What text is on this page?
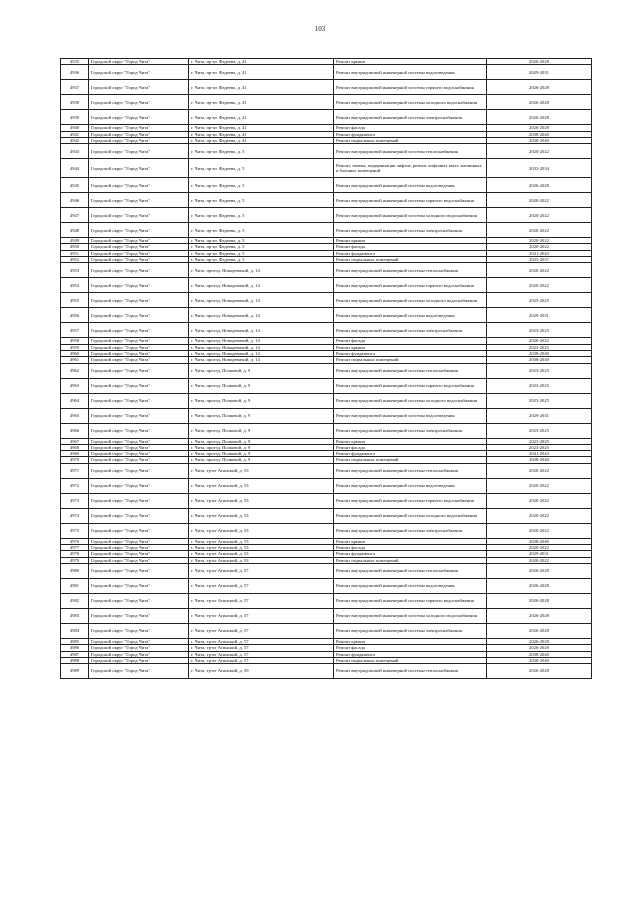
103
4935	Городской округ "Город Чита"	г. Чита, пр-кт. Фадеева, д. 41	Ремонт крыши	2026-2028
4936	Городской округ "Город Чита"	г. Чита, пр-кт. Фадеева, д. 41	Ремонт внутридомовой инженерной системы водоотведения	2029-2031
4937	Городской округ "Город Чита"	г. Чита, пр-кт. Фадеева, д. 41	Ремонт внутридомовой инженерной системы горячего водоснабжения	2026-2028
4938	Городской округ "Город Чита"	г. Чита, пр-кт. Фадеева, д. 41	Ремонт внутридомовой инженерной системы холодного водоснабжения	2026-2028
4939	Городской округ "Город Чита"	г. Чита, пр-кт. Фадеева, д. 41	Ремонт внутридомовой инженерной системы электроснабжения	2026-2028
4940	Городской округ "Город Чита"	г. Чита, пр-кт. Фадеева, д. 41	Ремонт фасада	2026-2028
4941	Городской округ "Город Чита"	г. Чита, пр-кт. Фадеева, д. 41	Ремонт фундамента	2038-2040
4942	Городской округ "Город Чита"	г. Чита, пр-кт. Фадеева, д. 41	Ремонт подвальных помещений	2038-2040
4943	Городской округ "Город Чита"	г. Чита, пр-кт. Фадеева, д. 5	Ремонт внутридомовой инженерной системы теплоснабжения	2020-2022
4944	Городской округ "Город Чита"	г. Чита, пр-кт. Фадеева, д. 5	Ремонт, замена, модернизация лифтов, ремонт лифтовых шахт, машинных и блочных помещений	2032-2034
4945	Городской округ "Город Чита"	г. Чита, пр-кт. Фадеева, д. 5	Ремонт внутридомовой инженерной системы водоотведения	2026-2028
4946	Городской округ "Город Чита"	г. Чита, пр-кт. Фадеева, д. 5	Ремонт внутридомовой инженерной системы горячего водоснабжения	2020-2022
4947	Городской округ "Город Чита"	г. Чита, пр-кт. Фадеева, д. 5	Ремонт внутридомовой инженерной системы холодного водоснабжения	2020-2022
4948	Городской округ "Город Чита"	г. Чита, пр-кт. Фадеева, д. 5	Ремонт внутридомовой инженерной системы электроснабжения	2020-2022
4949	Городской округ "Город Чита"	г. Чита, пр-кт. Фадеева, д. 5	Ремонт крыши	2020-2022
4950	Городской округ "Город Чита"	г. Чита, пр-кт. Фадеева, д. 5	Ремонт фасада	2020-2022
4951	Городской округ "Город Чита"	г. Чита, пр-кт. Фадеева, д. 5	Ремонт фундамента	2041-2043
4952	Городской округ "Город Чита"	г. Чита, пр-кт. Фадеева, д. 5	Ремонт подвальных помещений	2035-2037
4953	Городской округ "Город Чита"	г. Чита, проезд. Новодевичий, д. 14	Ремонт внутридомовой инженерной системы теплоснабжения	2020-2022
4954	Городской округ "Город Чита"	г. Чита, проезд. Новодевичий, д. 14	Ремонт внутридомовой инженерной системы горячего водоснабжения	2020-2022
4955	Городской округ "Город Чита"	г. Чита, проезд. Новодевичий, д. 14	Ремонт внутридомовой инженерной системы холодного водоснабжения	2023-2025
4956	Городской округ "Город Чита"	г. Чита, проезд. Новодевичий, д. 14	Ремонт внутридомовой инженерной системы водоотведения	2029-2031
4957	Городской округ "Город Чита"	г. Чита, проезд. Новодевичий, д. 14	Ремонт внутридомовой инженерной системы электроснабжения	2023-2025
4958	Городской округ "Город Чита"	г. Чита, проезд. Новодевичий, д. 14	Ремонт фасада	2020-2022
4959	Городской округ "Город Чита"	г. Чита, проезд. Новодевичий, д. 14	Ремонт крыши	2023-2025
4960	Городской округ "Город Чита"	г. Чита, проезд. Новодевичий, д. 14	Ремонт фундамента	2038-2040
4961	Городской округ "Город Чита"	г. Чита, проезд. Новодевичий, д. 14	Ремонт подвальных помещений	2038-2040
4962	Городской округ "Город Чита"	г. Чита, проезд. Полковой, д. 9	Ремонт внутридомовой инженерной системы теплоснабжения	2023-2025
4963	Городской округ "Город Чита"	г. Чита, проезд. Полковой, д. 9	Ремонт внутридомовой инженерной системы горячего водоснабжения	2023-2025
4964	Городской округ "Город Чита"	г. Чита, проезд. Полковой, д. 9	Ремонт внутридомовой инженерной системы холодного водоснабжения	2023-2025
4965	Городской округ "Город Чита"	г. Чита, проезд. Полковой, д. 9	Ремонт внутридомовой инженерной системы водоотведения	2029-2031
4966	Городской округ "Город Чита"	г. Чита, проезд. Полковой, д. 9	Ремонт внутридомовой инженерной системы электроснабжения	2023-2025
4967	Городской округ "Город Чита"	г. Чита, проезд. Полковой, д. 9	Ремонт крыши	2023-2025
4968	Городской округ "Город Чита"	г. Чита, проезд. Полковой, д. 9	Ремонт фасада	2023-2025
4969	Городской округ "Город Чита"	г. Чита, проезд. Полковой, д. 9	Ремонт фундамента	2041-2043
4970	Городской округ "Город Чита"	г. Чита, проезд. Полковой, д. 9	Ремонт подвальных помещений	2038-2040
4971	Городской округ "Город Чита"	г. Чита, тр-кт Агинский, д. 53	Ремонт внутридомовой инженерной системы теплоснабжения	2020-2022
4972	Городской округ "Город Чита"	г. Чита, тр-кт Агинский, д. 53	Ремонт внутридомовой инженерной системы водоотведения	2020-2022
4973	Городской округ "Город Чита"	г. Чита, тр-кт Агинский, д. 53	Ремонт внутридомовой инженерной системы горячего водоснабжения	2020-2022
4974	Городской округ "Город Чита"	г. Чита, тр-кт Агинский, д. 53	Ремонт внутридомовой инженерной системы холодного водоснабжения	2020-2022
4975	Городской округ "Город Чита"	г. Чита, тр-кт Агинский, д. 53	Ремонт внутридомовой инженерной системы электроснабжения	2020-2022
4976	Городской округ "Город Чита"	г. Чита, тр-кт Агинский, д. 53	Ремонт крыши	2038-2040
4977	Городской округ "Город Чита"	г. Чита, тр-кт Агинский, д. 53	Ремонт фасада	2020-2022
4978	Городской округ "Город Чита"	г. Чита, тр-кт Агинский, д. 53	Ремонт фундамента	2029-2031
4979	Городской округ "Город Чита"	г. Чита, тр-кт Агинский, д. 53	Ремонт подвальных помещений	2020-2022
4980	Городской округ "Город Чита"	г. Чита, тр-кт Агинский, д. 57	Ремонт внутридомовой инженерной системы теплоснабжения	2026-2028
4981	Городской округ "Город Чита"	г. Чита, тр-кт Агинский, д. 57	Ремонт внутридомовой инженерной системы водоотведения	2026-2028
4982	Городской округ "Город Чита"	г. Чита, тр-кт Агинский, д. 57	Ремонт внутридомовой инженерной системы горячего водоснабжения	2026-2028
4983	Городской округ "Город Чита"	г. Чита, тр-кт Агинский, д. 57	Ремонт внутридомовой инженерной системы холодного водоснабжения	2026-2028
4984	Городской округ "Город Чита"	г. Чита, тр-кт Агинский, д. 57	Ремонт внутридомовой инженерной системы электроснабжения	2026-2028
4985	Городской округ "Город Чита"	г. Чита, тр-кт Агинский, д. 57	Ремонт крыши	2026-2028
4986	Городской округ "Город Чита"	г. Чита, тр-кт Агинский, д. 57	Ремонт фасада	2026-2028
4987	Городской округ "Город Чита"	г. Чита, тр-кт Агинский, д. 57	Ремонт фундамента	2038-2040
4988	Городской округ "Город Чита"	г. Чита, тр-кт Агинский, д. 57	Ремонт подвальных помещений	2038-2040
4989	Городской округ "Город Чита"	г. Чита, тр-кт Агинский, д. 59	Ремонт внутридомовой инженерной системы теплоснабжения	2026-2028
